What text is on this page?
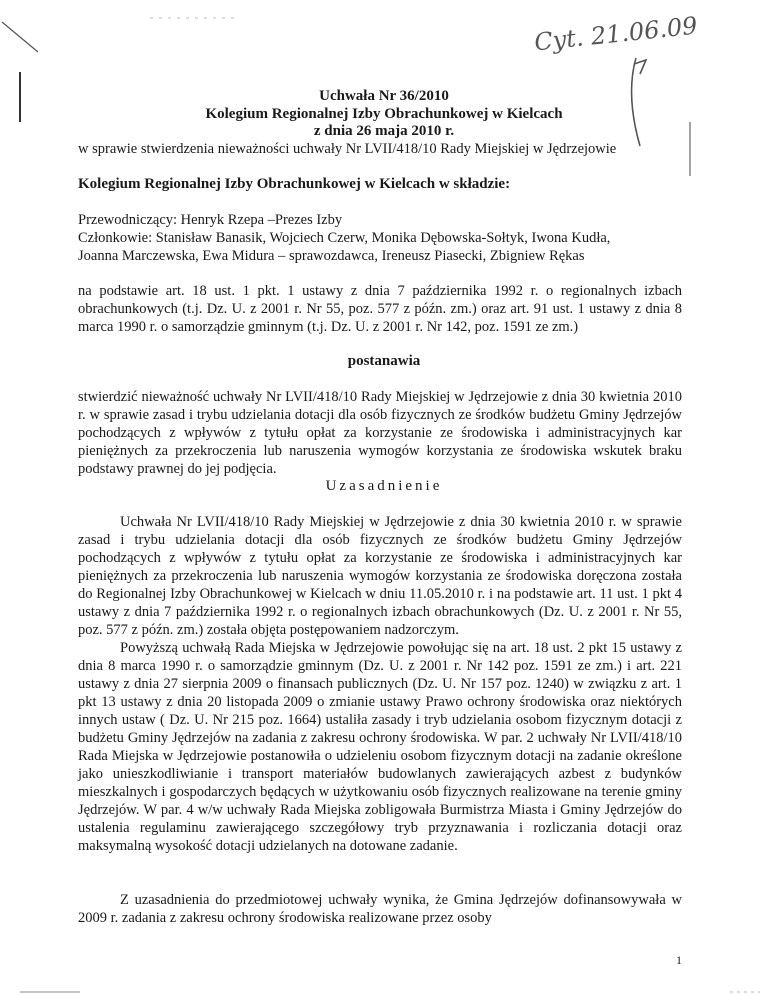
Cyt. 21.06.09
Uchwała Nr 36/2010
Kolegium Regionalnej Izby Obrachunkowej w Kielcach
z dnia 26 maja 2010 r.
w sprawie stwierdzenia nieważności uchwały Nr LVII/418/10 Rady Miejskiej w Jędrzejowie
Kolegium Regionalnej Izby Obrachunkowej w Kielcach w składzie:
Przewodniczący: Henryk Rzepa –Prezes Izby
Członkowie: Stanisław Banasik, Wojciech Czerw, Monika Dębowska-Sołtyk, Iwona Kudła,
Joanna Marczewska, Ewa Midura – sprawozdawca, Ireneusz Piasecki, Zbigniew Rękas
na podstawie art. 18 ust. 1 pkt. 1 ustawy z dnia 7 października 1992 r. o regionalnych izbach obrachunkowych (t.j. Dz. U. z 2001 r. Nr 55, poz. 577 z późn. zm.) oraz art. 91 ust. 1 ustawy z dnia 8 marca 1990 r. o samorządzie gminnym (t.j. Dz. U. z 2001 r. Nr 142, poz. 1591 ze zm.)
postanawia
stwierdzić nieważność uchwały Nr LVII/418/10 Rady Miejskiej w Jędrzejowie z dnia 30 kwietnia 2010 r. w sprawie zasad i trybu udzielania dotacji dla osób fizycznych ze środków budżetu Gminy Jędrzejów pochodzących z wpływów z tytułu opłat za korzystanie ze środowiska i administracyjnych kar pieniężnych za przekroczenia lub naruszenia wymogów korzystania ze środowiska wskutek braku podstawy prawnej do jej podjęcia.
Uzasadnienie
Uchwała Nr LVII/418/10 Rady Miejskiej w Jędrzejowie z dnia 30 kwietnia 2010 r. w sprawie zasad i trybu udzielania dotacji dla osób fizycznych ze środków budżetu Gminy Jędrzejów pochodzących z wpływów z tytułu opłat za korzystanie ze środowiska i administracyjnych kar pieniężnych za przekroczenia lub naruszenia wymogów korzystania ze środowiska doręczona została do Regionalnej Izby Obrachunkowej w Kielcach w dniu 11.05.2010 r. i na podstawie art. 11 ust. 1 pkt 4 ustawy z dnia 7 października 1992 r. o regionalnych izbach obrachunkowych (Dz. U. z 2001 r. Nr 55, poz. 577 z późn. zm.) została objęta postępowaniem nadzorczym.
Powyższą uchwałą Rada Miejska w Jędrzejowie powołując się na art. 18 ust. 2 pkt 15 ustawy z dnia 8 marca 1990 r. o samorządzie gminnym (Dz. U. z 2001 r. Nr 142 poz. 1591 ze zm.) i art. 221 ustawy z dnia 27 sierpnia 2009 o finansach publicznych (Dz. U. Nr 157 poz. 1240) w związku z art. 1 pkt 13 ustawy z dnia 20 listopada 2009 o zmianie ustawy Prawo ochrony środowiska oraz niektórych innych ustaw ( Dz. U. Nr 215 poz. 1664) ustaliła zasady i tryb udzielania osobom fizycznym dotacji z budżetu Gminy Jędrzejów na zadania z zakresu ochrony środowiska. W par. 2 uchwały Nr LVII/418/10 Rada Miejska w Jędrzejowie postanowiła o udzieleniu osobom fizycznym dotacji na zadanie określone jako unieszkodliwianie i transport materiałów budowlanych zawierających azbest z budynków mieszkalnych i gospodarczych będących w użytkowaniu osób fizycznych realizowane na terenie gminy Jędrzejów. W par. 4 w/w uchwały Rada Miejska zobligowała Burmistrza Miasta i Gminy Jędrzejów do ustalenia regulaminu zawierającego szczegółowy tryb przyznawania i rozliczania dotacji oraz maksymalną wysokość dotacji udzielanych na dotowane zadanie.
Z uzasadnienia do przedmiotowej uchwały wynika, że Gmina Jędrzejów dofinansowywała w 2009 r. zadania z zakresu ochrony środowiska realizowane przez osoby
1
